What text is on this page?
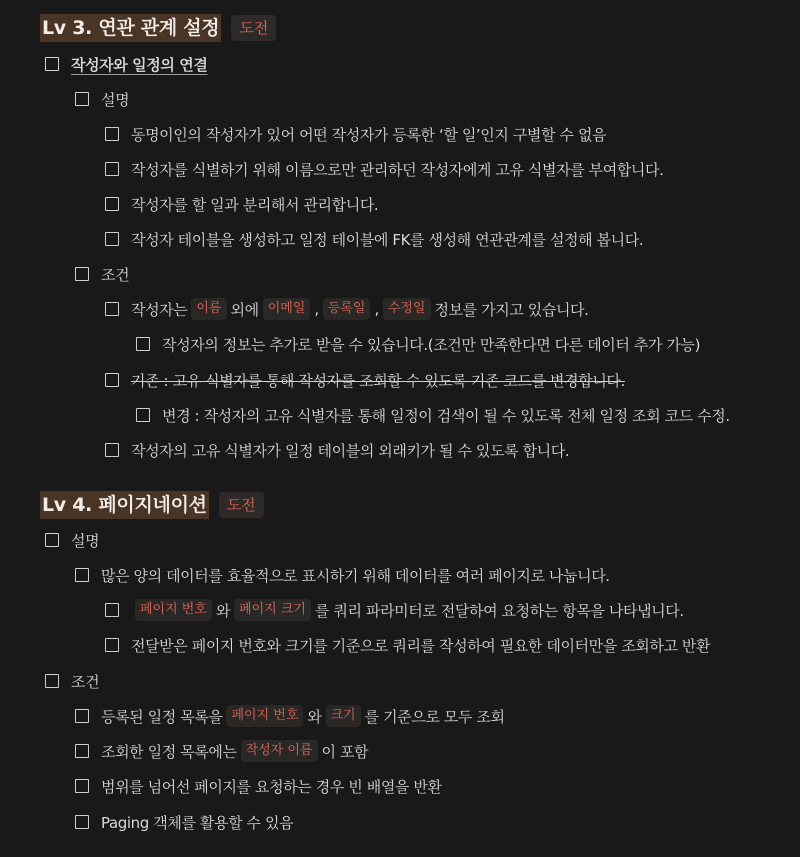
Lv 3. 연관 관계 설정	도전
작성자와 일정의 연결
설명
동명이인의 작성자가 있어 어떤 작성자가 등록한 ‘할 일’인지 구별할 수 없음
작성자를 식별하기 위해 이름으로만 관리하던 작성자에게 고유 식별자를 부여합니다.
작성자를 할 일과 분리해서 관리합니다.
작성자 테이블을 생성하고 일정 테이블에 FK를 생성해 연관관계를 설정해 봅니다.
조건
작성자는 이름 외에 이메일 , 등록일 , 수정일 정보를 가지고 있습니다.
작성자의 정보는 추가로 받을 수 있습니다.(조건만 만족한다면 다른 데이터 추가 가능)
기존 : 고유 식별자를 통해 작성자를 조회할 수 있도록 기존 코드를 변경합니다.
변경 : 작성자의 고유 식별자를 통해 일정이 검색이 될 수 있도록 전체 일정 조회 코드 수정.
작성자의 고유 식별자가 일정 테이블의 외래키가 될 수 있도록 합니다.
Lv 4. 페이지네이션	도전
설명
많은 양의 데이터를 효율적으로 표시하기 위해 데이터를 여러 페이지로 나눕니다.
페이지 번호 와 페이지 크기 를 쿼리 파라미터로 전달하여 요청하는 항목을 나타냅니다.
전달받은 페이지 번호와 크기를 기준으로 쿼리를 작성하여 필요한 데이터만을 조회하고 반환
조건
등록된 일정 목록을 페이지 번호 와 크기 를 기준으로 모두 조회
조회한 일정 목록에는 작성자 이름 이 포함
범위를 넘어선 페이지를 요청하는 경우 빈 배열을 반환
Paging 객체를 활용할 수 있음
